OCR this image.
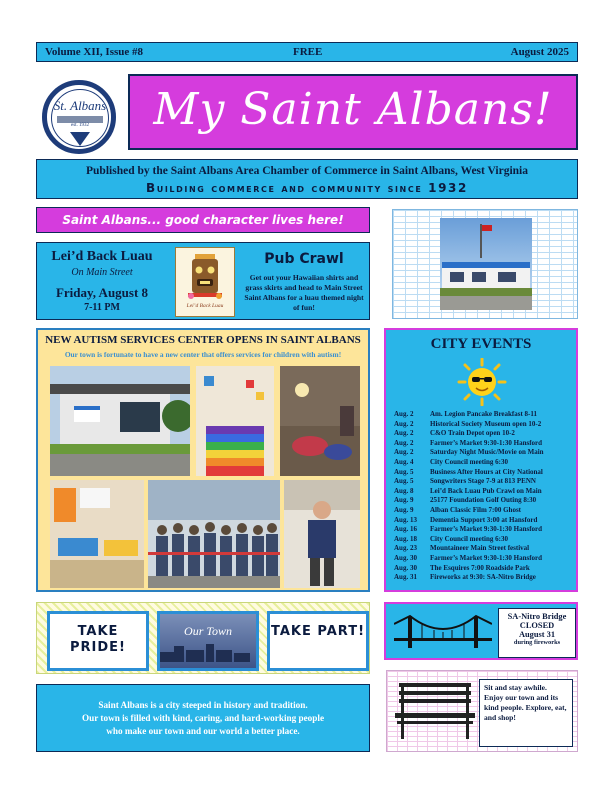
Volume XII, Issue #8	FREE	August 2025
St. Albans
est. 1932	My Saint Albans!
Published by the Saint Albans Area Chamber of Commerce in Saint Albans, West Virginia
Building commerce and community since 1932
Saint Albans... good character lives here!
Lei’d Back Luau
On Main Street
Friday, August 8
7-11 PM	Lei’d Back Luau
Pub Crawl
Get out your Hawaiian shirts and grass skirts and head to Main Street Saint Albans for a luau themed night of fun!
NEW AUTISM SERVICES CENTER OPENS IN SAINT ALBANS
Our town is fortunate to have a new center that offers services for children with autism!
CITY EVENTS
Aug. 2	Am. Legion Pancake Breakfast 8-11
Aug. 2	Historical Society Museum open 10-2
Aug. 2	C&O Train Depot open 10-2
Aug. 2	Farmer’s Market 9:30-1:30 Hansford
Aug. 2	Saturday Night Music/Movie on Main
Aug. 4	City Council meeting 6:30
Aug. 5	Business After Hours at City National
Aug. 5	Songwriters Stage 7-9 at 813 PENN
Aug. 8	Lei’d Back Luau Pub Crawl on Main
Aug. 9	25177 Foundation Golf Outing 8:30
Aug. 9	Alban Classic Film 7:00 Ghost
Aug. 13	Dementia Support 3:00 at Hansford
Aug. 16	Farmer’s Market 9:30-1:30 Hansford
Aug. 18	City Council meeting 6:30
Aug. 23	Mountaineer Main Street festival
Aug. 30	Farmer’s Market 9:30-1:30 Hansford
Aug. 30	The Esquires 7:00 Roadside Park
Aug. 31	Fireworks at 9:30: SA-Nitro Bridge
TAKE PRIDE!
Our Town	TAKE PART!
SA-Nitro Bridge
CLOSED
August 31
during fireworks

Saint Albans is a city steeped in history and tradition.

Our town is filled with kind, caring, and hard-working people

who make our town and our world a better place.

Sit and stay awhile. Enjoy our town and its kind people. Explore, eat, and shop!
